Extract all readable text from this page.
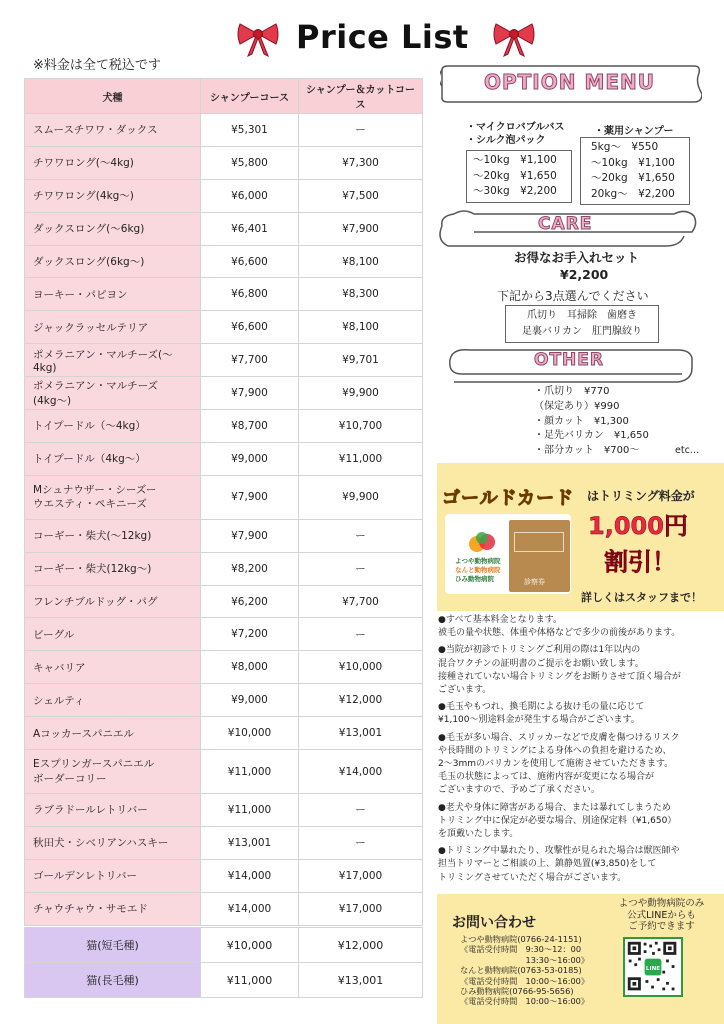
Price List
※料金は全て税込です
犬種	シャンプーコース	シャンプー＆カットコース
スムースチワワ・ダックス	¥5,301	ー
チワワロング(〜4kg)	¥5,800	¥7,300
チワワロング(4kg〜)	¥6,000	¥7,500
ダックスロング(〜6kg)	¥6,401	¥7,900
ダックスロング(6kg〜)	¥6,600	¥8,100
ヨーキー・パピヨン	¥6,800	¥8,300
ジャックラッセルテリア	¥6,600	¥8,100
ポメラニアン・マルチーズ(〜4kg)	¥7,700	¥9,701
ポメラニアン・マルチーズ(4kg〜)	¥7,900	¥9,900
トイプードル（〜4kg）	¥8,700	¥10,700
トイプードル（4kg〜）	¥9,000	¥11,000
Mシュナウザー・シーズー
ウエスティ・ペキニーズ	¥7,900	¥9,900
コーギー・柴犬(〜12kg)	¥7,900	ー
コーギー・柴犬(12kg〜)	¥8,200	ー
フレンチブルドッグ・パグ	¥6,200	¥7,700
ビーグル	¥7,200	ー
キャバリア	¥8,000	¥10,000
シェルティ	¥9,000	¥12,000
Aコッカースパニエル	¥10,000	¥13,001
Eスプリンガースパニエル
ボーダーコリー	¥11,000	¥14,000
ラブラドールレトリバー	¥11,000	ー
秋田犬・シベリアンハスキー	¥13,001	ー
ゴールデンレトリバー	¥14,000	¥17,000
チャウチャウ・サモエド	¥14,000	¥17,000
猫(短毛種)	¥10,000	¥12,000
猫(長毛種)	¥11,000	¥13,001
OPTION MENU
・マイクロバブルバス
・シルク泡パック
〜10kg　¥1,100
〜20kg　¥1,650
〜30kg　¥2,200
・薬用シャンプー
5kg〜　¥550
〜10kg　¥1,100
〜20kg　¥1,650
20kg〜　¥2,200
CARE
お得なお手入れセット
¥2,200
下記から3点選んでください
爪切り　耳掃除　歯磨き
足裏バリカン　肛門腺絞り
OTHER
・爪切り　¥770
（保定あり）¥990
・顔カット　¥1,300
・足先バリカン　¥1,650
・部分カット　¥700〜	etc…
ゴールドカード はトリミング料金が
1,000円
割引！
詳しくはスタッフまで！
よつや動物病院
なんと動物病院
ひみ動物病院	診察券
●すべて基本料金となります。
被毛の量や状態、体重や体格などで多少の前後があります。
●当院が初診でトリミングご利用の際は1年以内の
混合ワクチンの証明書のご提示をお願い致します。
接種されていない場合トリミングをお断りさせて頂く場合が
ございます。
●毛玉やもつれ、換毛期による抜け毛の量に応じて
¥1,100〜別途料金が発生する場合がございます。
●毛玉が多い場合、スリッカーなどで皮膚を傷つけるリスク
や長時間のトリミングによる身体への負担を避けるため、
2〜3mmのバリカンを使用して施術させていただきます。
毛玉の状態によっては、施術内容が変更になる場合が
ございますので、予めご了承ください。
●老犬や身体に障害がある場合、または暴れてしまうため
トリミング中に保定が必要な場合、別途保定料（¥1,650）
を頂戴いたします。
●トリミング中暴れたり、攻撃性が見られた場合は獣医師や
担当トリマーとご相談の上、鎮静処置(¥3,850)をして
トリミングさせていただく場合がございます。
お問い合わせ
よつや動物病院(0766-24-1151)
《電話受付時間　9:30〜12：00
　　　　　　　　13:30〜16:00》
なんと動物病院(0763-53-0185)
《電話受付時間　10:00〜16:00》
ひみ動物病院(0766-95-5656)
《電話受付時間　10:00〜16:00》
よつや動物病院のみ
公式LINEからも
ご予約できます
LINE
